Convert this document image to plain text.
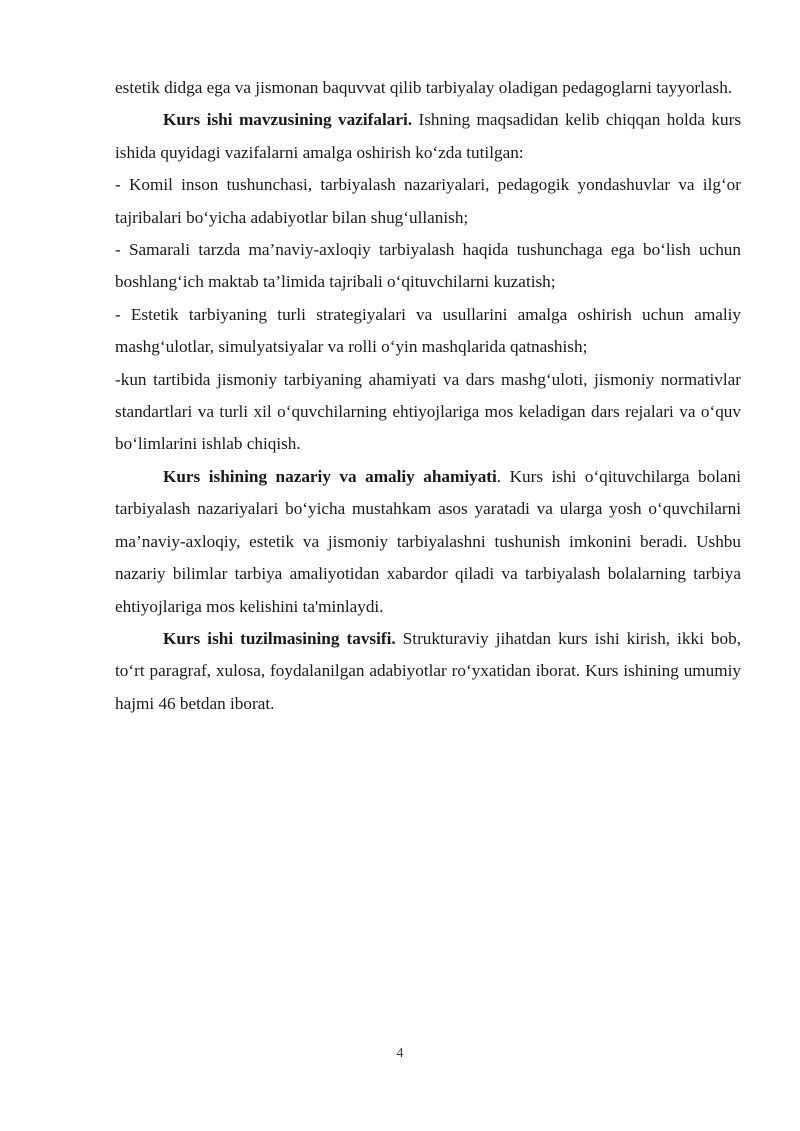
estetik didga ega va jismonan baquvvat qilib tarbiyalay oladigan pedagoglarni tayyorlash.

Kurs ishi mavzusining vazifalari. Ishning maqsadidan kelib chiqqan holda kurs ishida quyidagi vazifalarni amalga oshirish ko‘zda tutilgan:

- Komil inson tushunchasi, tarbiyalash nazariyalari, pedagogik yondashuvlar va ilg‘or tajribalari bo‘yicha adabiyotlar bilan shug‘ullanish;

- Samarali tarzda ma’naviy-axloqiy tarbiyalash haqida tushunchaga ega bo‘lish uchun boshlang‘ich maktab ta’limida tajribali o‘qituvchilarni kuzatish;

- Estetik tarbiyaning turli strategiyalari va usullarini amalga oshirish uchun amaliy mashg‘ulotlar, simulyatsiyalar va rolli o‘yin mashqlarida qatnashish;

-kun tartibida jismoniy tarbiyaning ahamiyati va dars mashg‘uloti, jismoniy normativlar standartlari va turli xil o‘quvchilarning ehtiyojlariga mos keladigan dars rejalari va o‘quv bo‘limlarini ishlab chiqish.

Kurs ishining nazariy va amaliy ahamiyati. Kurs ishi o‘qituvchilarga bolani tarbiyalash nazariyalari bo‘yicha mustahkam asos yaratadi va ularga yosh o‘quvchilarni ma’naviy-axloqiy, estetik va jismoniy tarbiyalashni tushunish imkonini beradi. Ushbu nazariy bilimlar tarbiya amaliyotidan xabardor qiladi va tarbiyalash bolalarning tarbiya ehtiyojlariga mos kelishini ta'minlaydi.

Kurs ishi tuzilmasining tavsifi. Strukturaviy jihatdan kurs ishi kirish, ikki bob, to‘rt paragraf, xulosa, foydalanilgan adabiyotlar ro‘yxatidan iborat. Kurs ishining umumiy hajmi 46 betdan iborat.

4
